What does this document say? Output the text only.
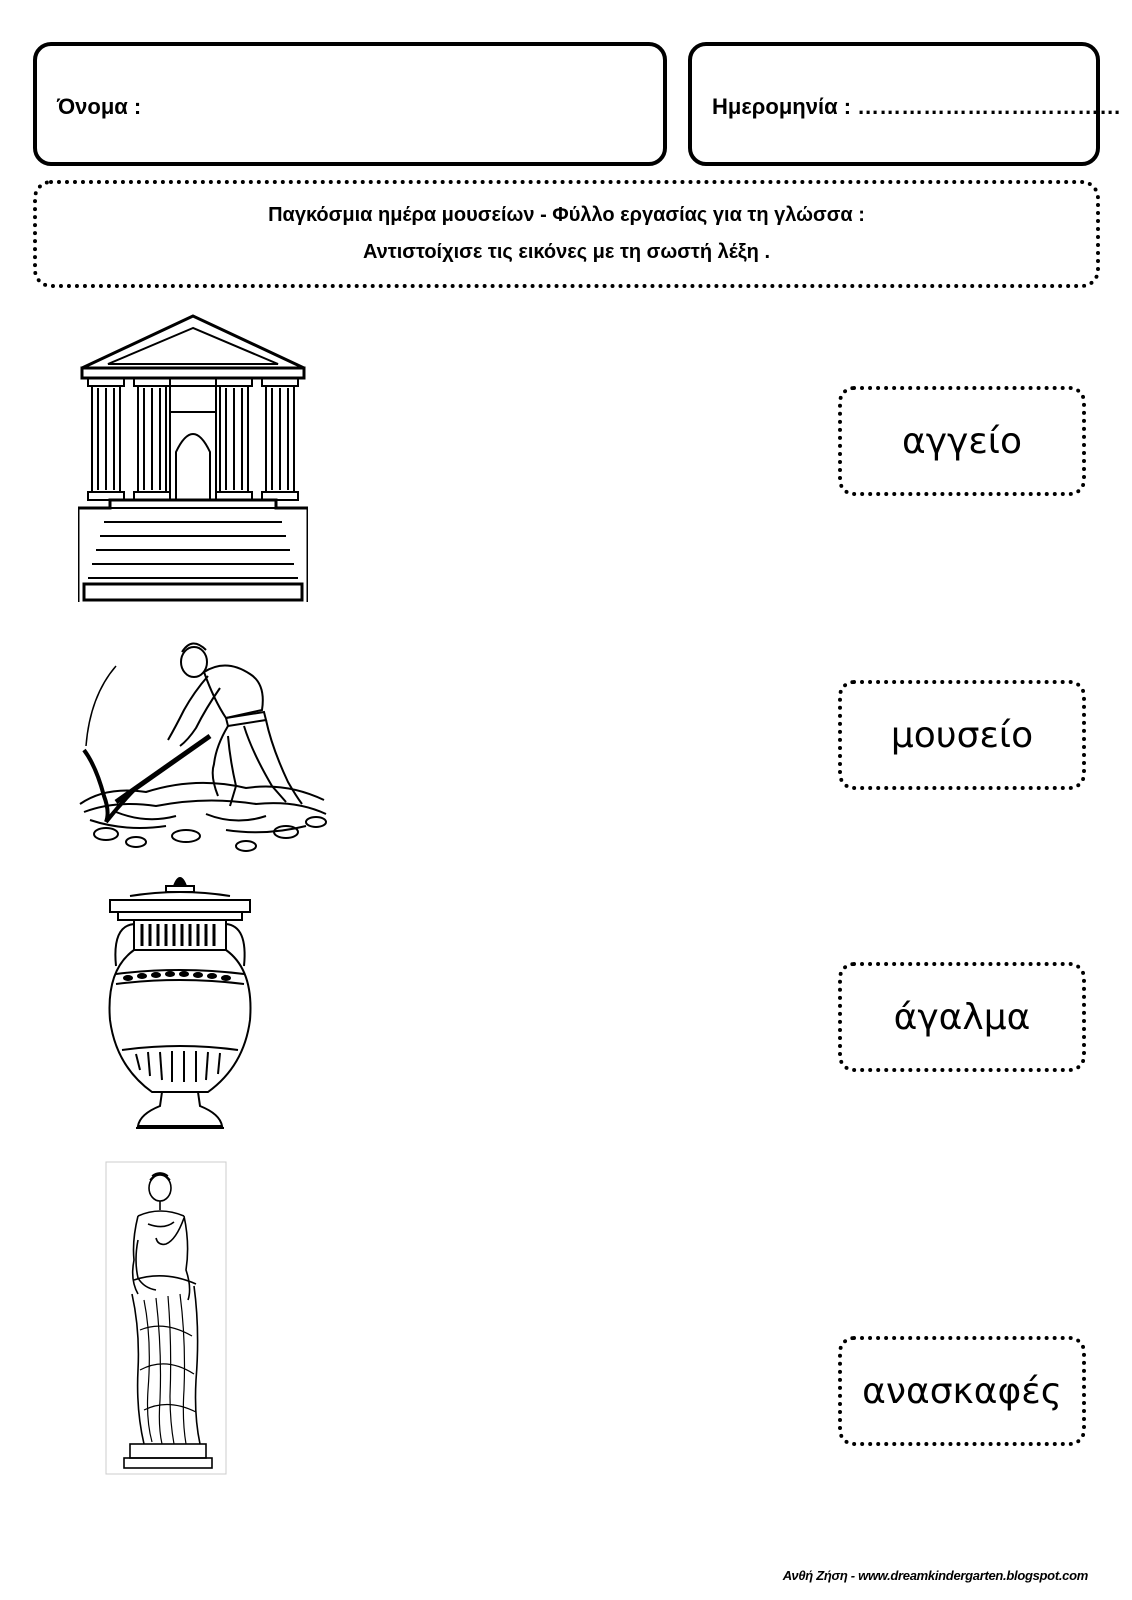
Όνομα :	Ημερομηνία : ………………………………
Παγκόσμια ημέρα μουσείων - Φύλλο εργασίας για τη γλώσσα :
Αντιστοίχισε τις εικόνες με τη σωστή λέξη .
αγγείο
μουσείο
άγαλμα
ανασκαφές
Ανθή Ζήση - www.dreamkindergarten.blogspot.com
